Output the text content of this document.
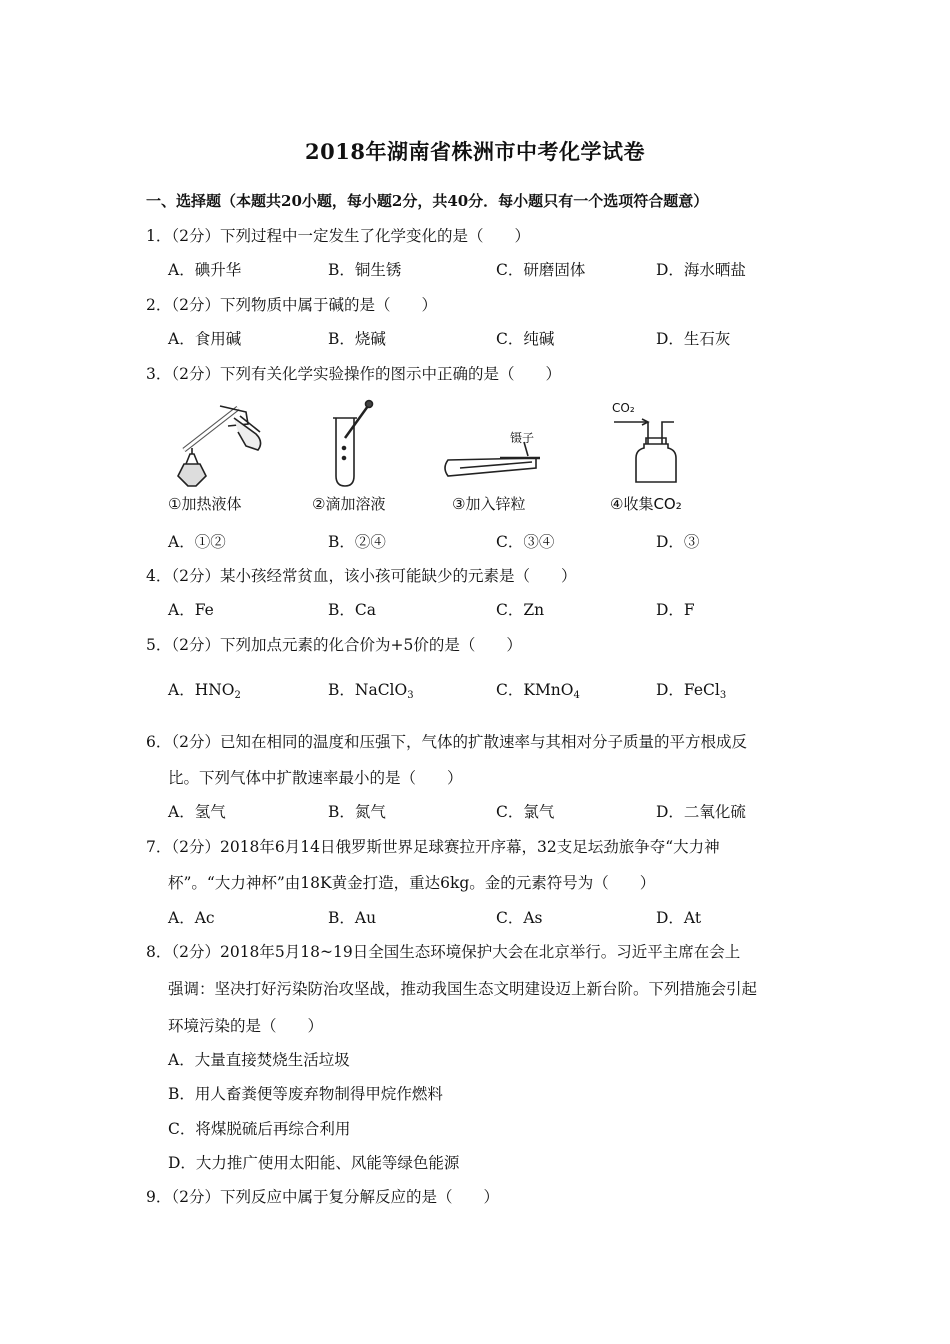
2018年湖南省株洲市中考化学试卷
一、选择题（本题共20小题，每小题2分，共40分．每小题只有一个选项符合题意）
1．（2分）下列过程中一定发生了化学变化的是（　　）
A．碘升华	B．铜生锈	C．研磨固体	D．海水晒盐
2．（2分）下列物质中属于碱的是（　　）
A．食用碱	B．烧碱	C．纯碱	D．生石灰
3．（2分）下列有关化学实验操作的图示中正确的是（　　）
镊子
CO₂
①加热液体	②滴加溶液	③加入锌粒	④收集CO₂
A．①②	B．②④	C．③④	D．③
4．（2分）某小孩经常贫血，该小孩可能缺少的元素是（　　）
A．Fe	B．Ca	C．Zn	D．F
5．（2分）下列加点元素的化合价为+5价的是（　　）
A．$HNO_2$	B．NaClO$_3$	C．KMnO$_4$	D．FeCl$_3$
6．（2分）已知在相同的温度和压强下，气体的扩散速率与其相对分子质量的平方根成反
比。下列气体中扩散速率最小的是（　　）
A．氢气	B．氮气	C．氯气	D．二氧化硫
7．（2分）2018年6月14日俄罗斯世界足球赛拉开序幕，32支足坛劲旅争夺“大力神
杯”。“大力神杯”由18K黄金打造，重达6kg。金的元素符号为（　　）
A．Ac	B．Au	C．As	D．At
8．（2分）2018年5月18~19日全国生态环境保护大会在北京举行。习近平主席在会上
强调：坚决打好污染防治攻坚战，推动我国生态文明建设迈上新台阶。下列措施会引起
环境污染的是（　　）
A．大量直接焚烧生活垃圾
B．用人畜粪便等废弃物制得甲烷作燃料
C．将煤脱硫后再综合利用
D．大力推广使用太阳能、风能等绿色能源
9．（2分）下列反应中属于复分解反应的是（　　）
